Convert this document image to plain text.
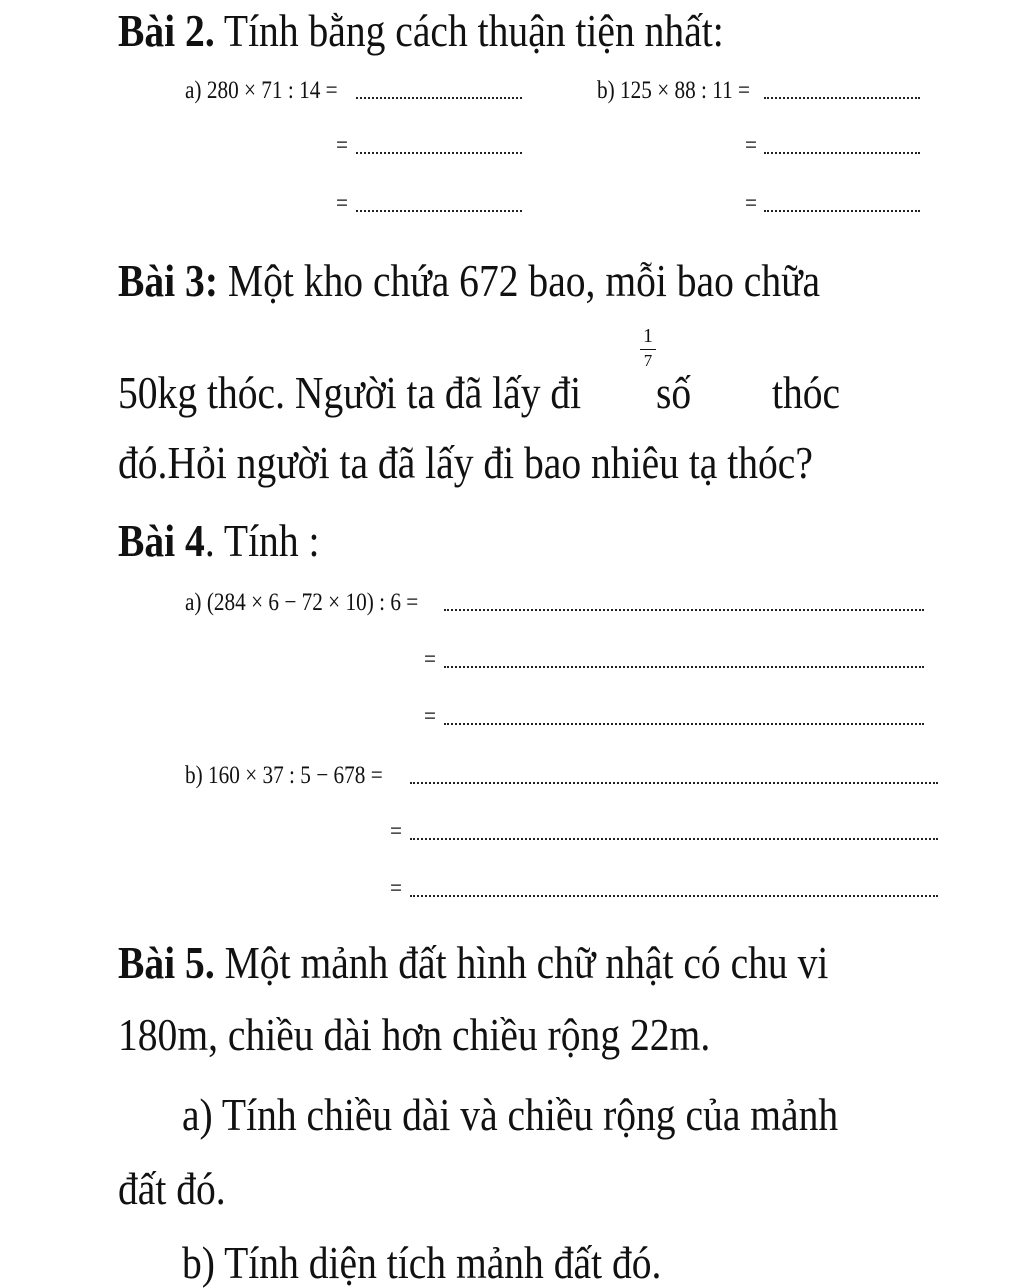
Bài 2. Tính bằng cách thuận tiện nhất:
a) 280 × 71 : 14 =
=
=
b) 125 × 88 : 11 =
=
=
Bài 3: Một kho chứa 672 bao, mỗi bao chữa
50kg thóc. Người ta đã lấy đi
1
7
số thóc
đó.Hỏi người ta đã lấy đi bao nhiêu tạ thóc?
Bài 4. Tính :
a) (284 × 6 − 72 × 10) : 6 =
=
=
b) 160 × 37 : 5 − 678 =
=
=
Bài 5. Một mảnh đất hình chữ nhật có chu vi
180m, chiều dài hơn chiều rộng 22m.
a) Tính chiều dài và chiều rộng của mảnh
đất đó.
b) Tính diện tích mảnh đất đó.
